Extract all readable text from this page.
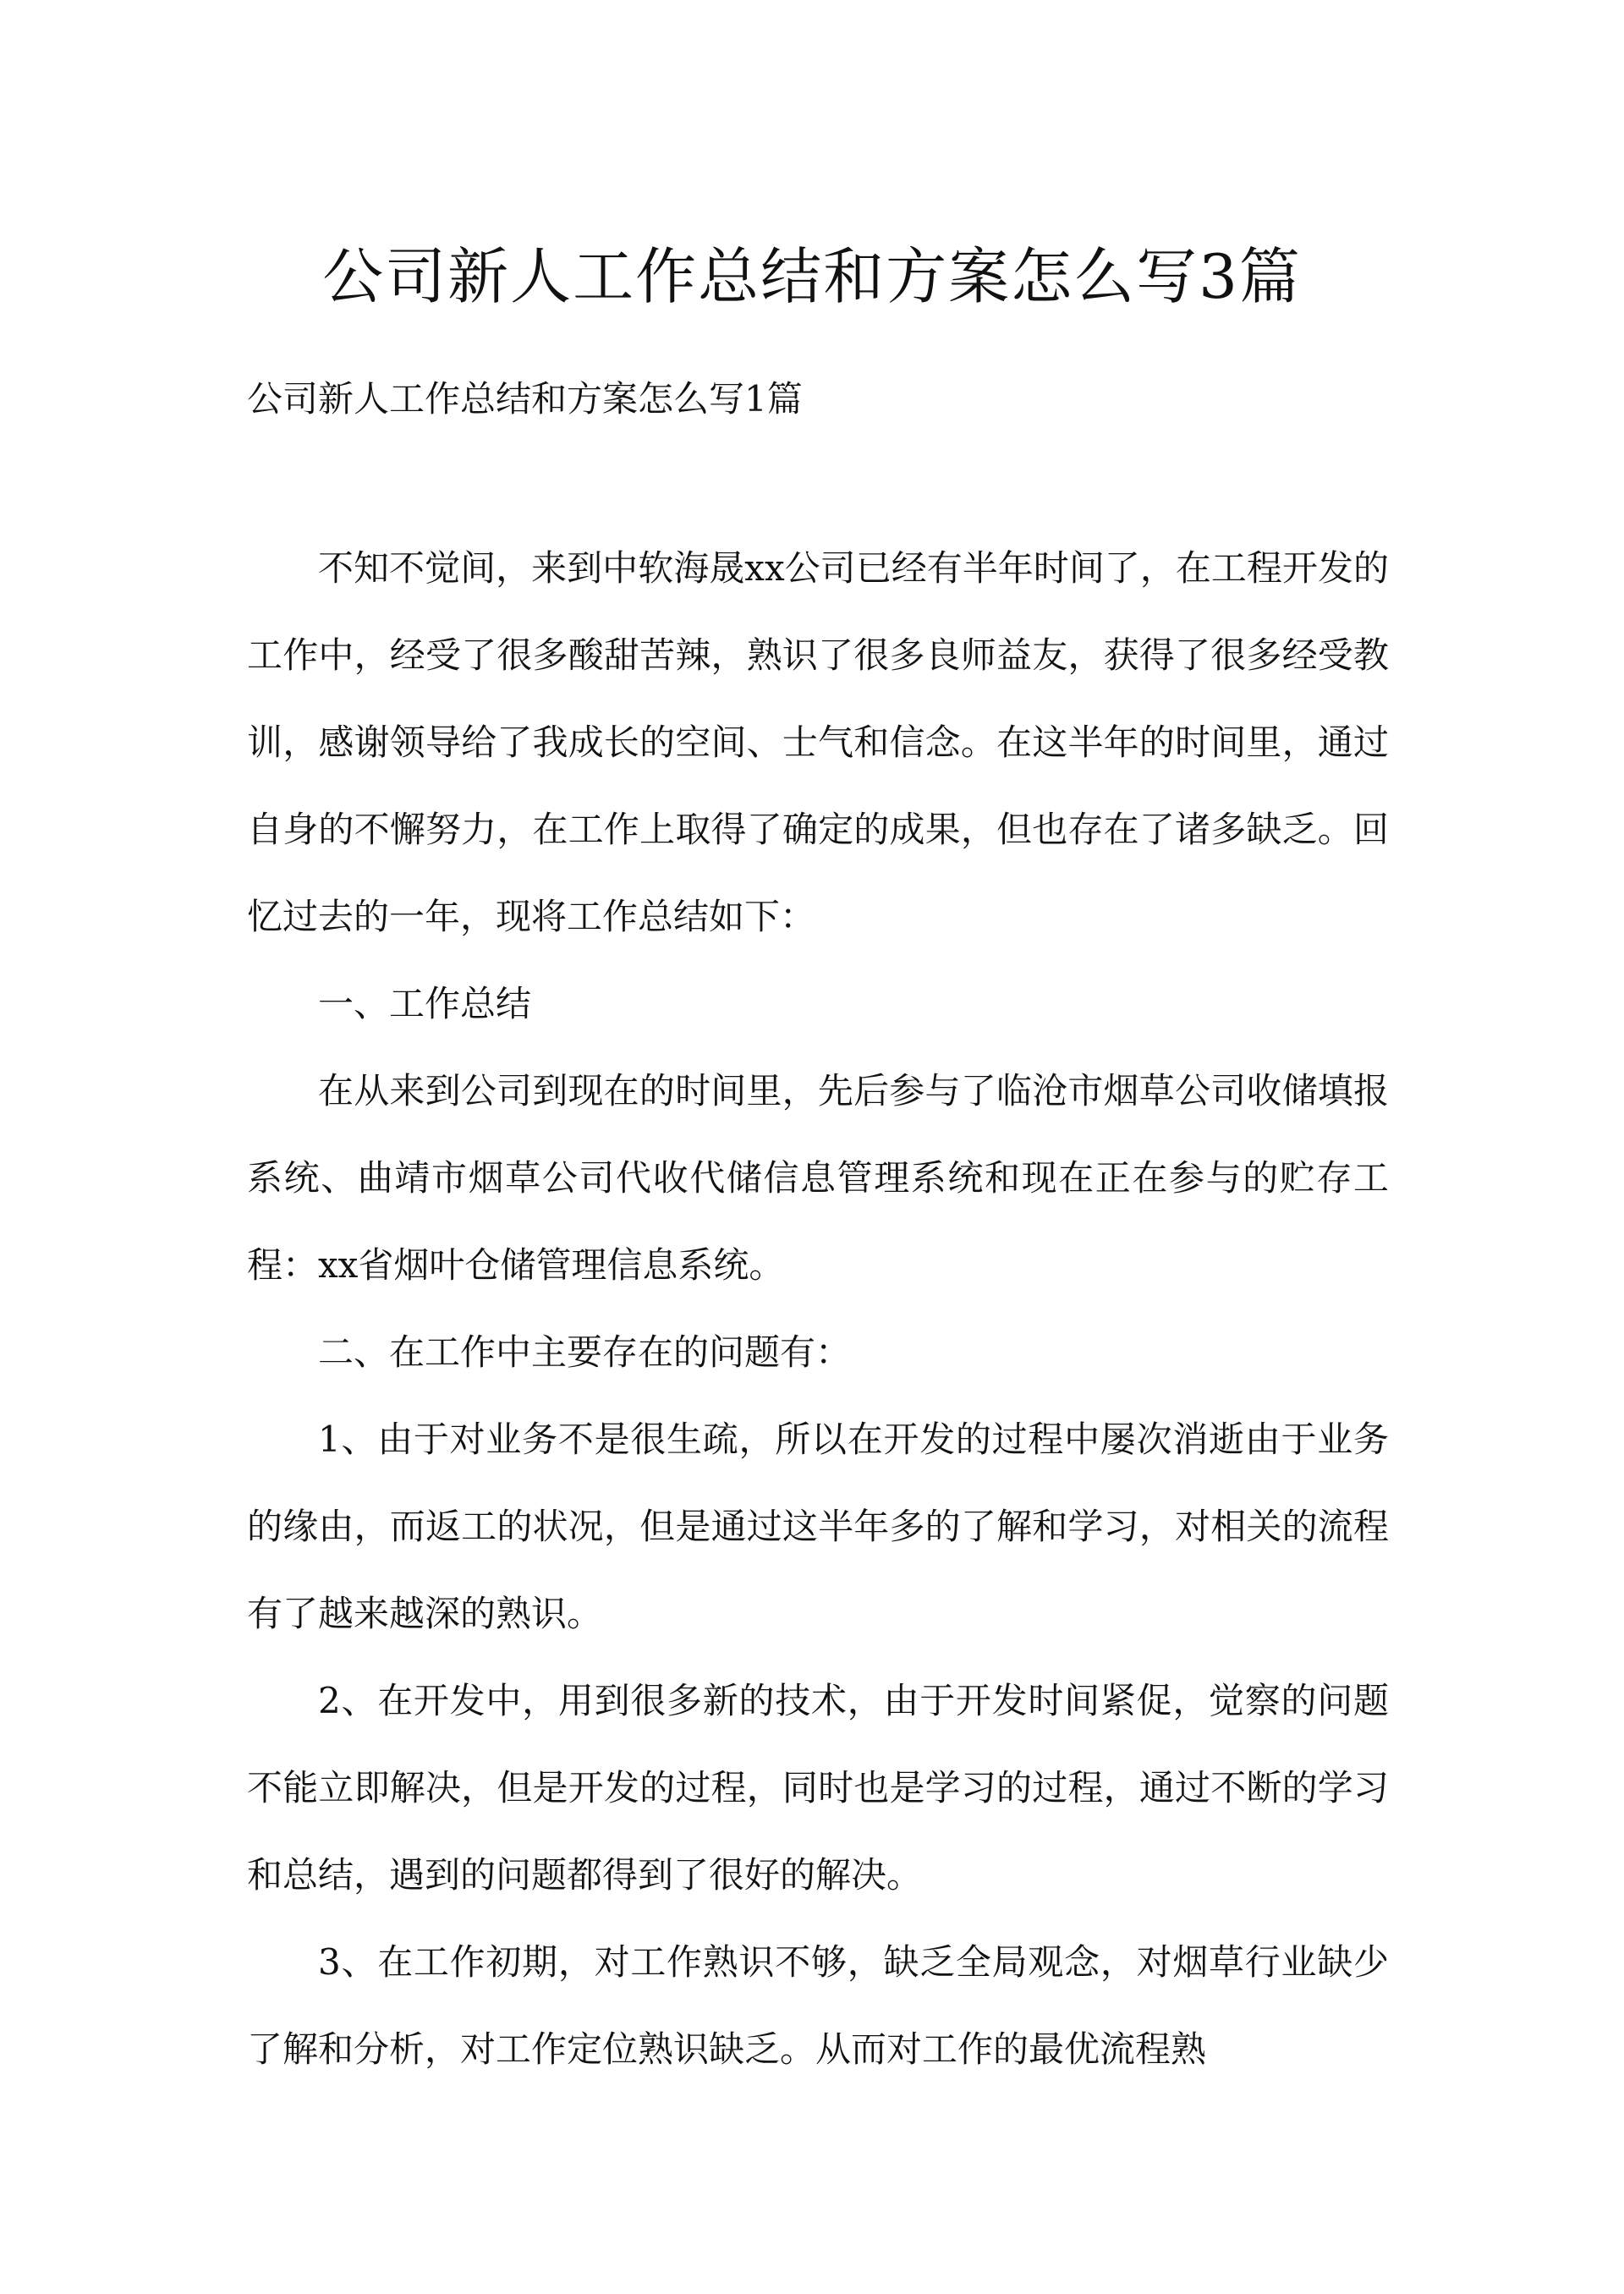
公司新人工作总结和方案怎么写3篇
公司新人工作总结和方案怎么写1篇

不知不觉间，来到中软海晟xx公司已经有半年时间了，在工程开发的工作中，经受了很多酸甜苦辣，熟识了很多良师益友，获得了很多经受教训，感谢领导给了我成长的空间、士气和信念。在这半年的时间里，通过自身的不懈努力，在工作上取得了确定的成果，但也存在了诸多缺乏。回忆过去的一年，现将工作总结如下：

一、工作总结

在从来到公司到现在的时间里，先后参与了临沧市烟草公司收储填报系统、曲靖市烟草公司代收代储信息管理系统和现在正在参与的贮存工程：xx省烟叶仓储管理信息系统。

二、在工作中主要存在的问题有：

1、由于对业务不是很生疏，所以在开发的过程中屡次消逝由于业务的缘由，而返工的状况，但是通过这半年多的了解和学习，对相关的流程有了越来越深的熟识。

2、在开发中，用到很多新的技术，由于开发时间紧促，觉察的问题不能立即解决，但是开发的过程，同时也是学习的过程，通过不断的学习和总结，遇到的问题都得到了很好的解决。

3、在工作初期，对工作熟识不够，缺乏全局观念，对烟草行业缺少了解和分析，对工作定位熟识缺乏。从而对工作的最优流程熟
